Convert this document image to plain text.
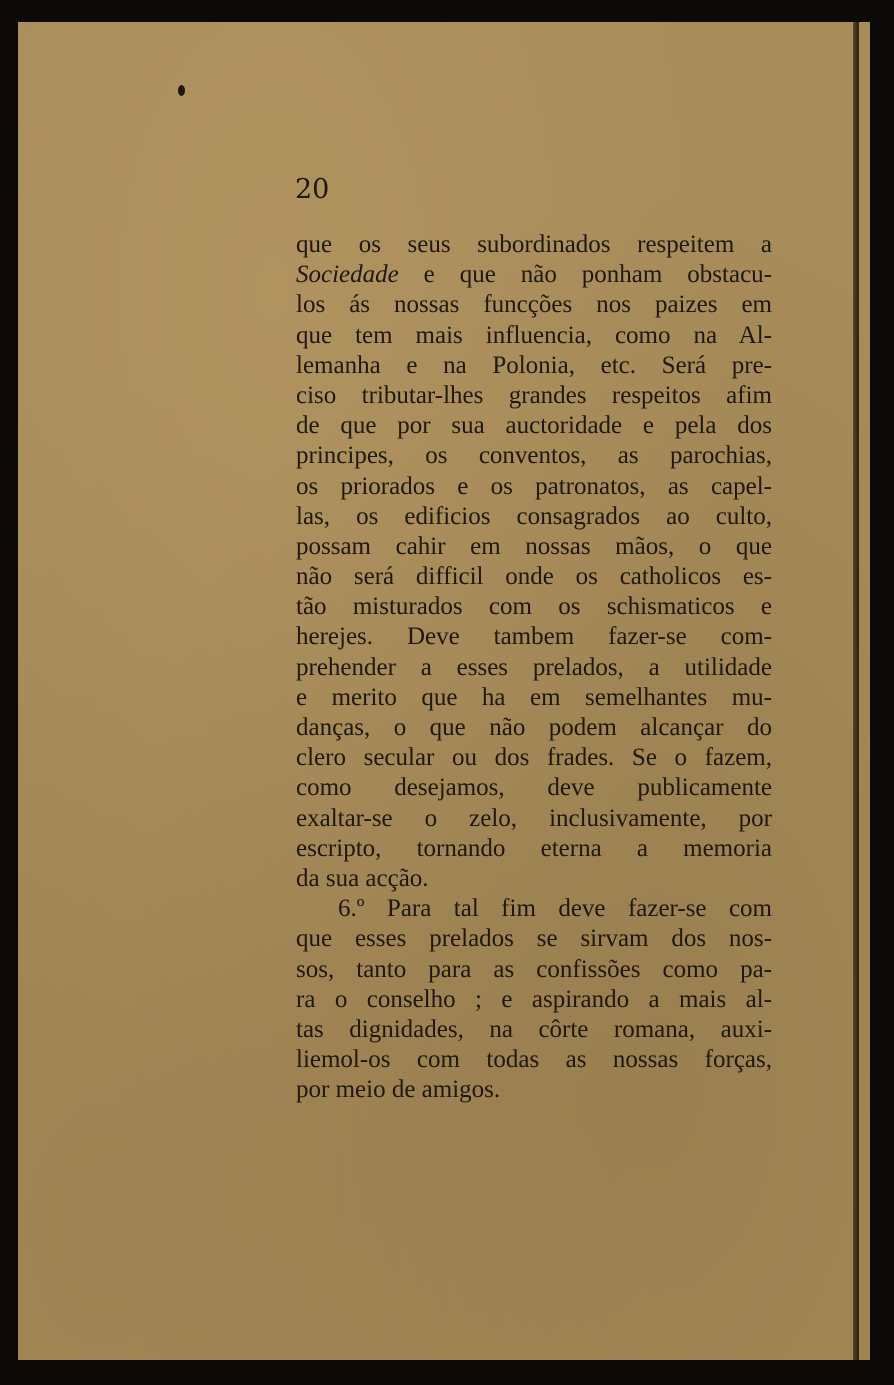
20
que os seus subordinados respeitem a
Sociedade e que não ponham obstacu-
los ás nossas funcções nos paizes em
que tem mais influencia, como na Al-
lemanha e na Polonia, etc. Será pre-
ciso tributar-lhes grandes respeitos afim
de que por sua auctoridade e pela dos
principes, os conventos, as parochias,
os priorados e os patronatos, as capel-
las, os edificios consagrados ao culto,
possam cahir em nossas mãos, o que
não será difficil onde os catholicos es-
tão misturados com os schismaticos e
herejes. Deve tambem fazer-se com-
prehender a esses prelados, a utilidade
e merito que ha em semelhantes mu-
danças, o que não podem alcançar do
clero secular ou dos frades. Se o fazem,
como desejamos, deve publicamente
exaltar-se o zelo, inclusivamente, por
escripto, tornando eterna a memoria
da sua acção.
6.º Para tal fim deve fazer-se com
que esses prelados se sirvam dos nos-
sos, tanto para as confissões como pa-
ra o conselho ; e aspirando a mais al-
tas dignidades, na côrte romana, auxi-
liemol-os com todas as nossas forças,
por meio de amigos.
